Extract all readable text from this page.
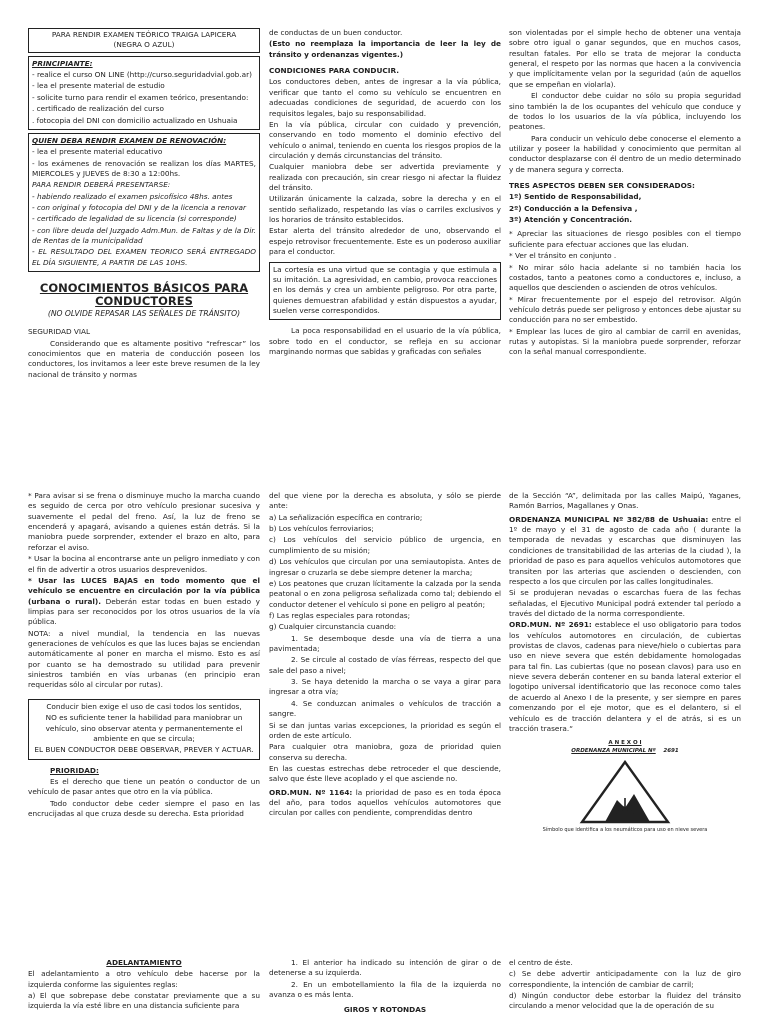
PARA RENDIR EXAMEN TEÓRICO TRAIGA LAPICERA
(NEGRA O AZUL)

PRINCIPIANTE:

- realice el curso ON LINE (http://curso.seguridadvial.gob.ar)

- lea el presente material de estudio

- solicite turno para rendir el examen teórico, presentando:

. certificado de realización del curso

. fotocopia del DNI con domicilio actualizado en Ushuaia

QUIEN DEBA RENDIR EXAMEN DE RENOVACIÓN:

- lea el presente material educativo

- los exámenes de renovación se realizan los días MARTES, MIERCOLES y JUEVES de 8:30 a 12:00hs.

PARA RENDIR DEBERÁ PRESENTARSE:

- habiendo realizado el examen psicofísico 48hs. antes

- con original y fotocopia del DNI y de la licencia a renovar

- certificado de legalidad de su licencia (si corresponde)

- con libre deuda del Juzgado Adm.Mun. de Faltas y de la Dir. de Rentas de la municipalidad

- EL RESULTADO DEL EXAMEN TEORICO SERÁ ENTREGADO EL DÍA SIGUIENTE, A PARTIR DE LAS 10HS.

CONOCIMIENTOS BÁSICOS PARA CONDUCTORES
(NO OLVIDE REPASAR LAS SEÑALES DE TRÁNSITO)

SEGURIDAD VIAL

Considerando que es altamente positivo “refrescar” los conocimientos que en materia de conducción poseen los conductores, los invitamos a leer este breve resumen de la ley nacional de tránsito y normas

de conductas de un buen conductor.

(Esto no reemplaza la importancia de leer la ley de tránsito y ordenanzas vigentes.)

CONDICIONES PARA CONDUCIR.

Los conductores deben, antes de ingresar a la vía pública, verificar que tanto el como su vehículo se encuentren en adecuadas condiciones de seguridad, de acuerdo con los requisitos legales, bajo su responsabilidad.

En la vía pública, circular con cuidado y prevención, conservando en todo momento el dominio efectivo del vehículo o animal, teniendo en cuenta los riesgos propios de la circulación y demás circunstancias del tránsito.

Cualquier maniobra debe ser advertida previamente y realizada con precaución, sin crear riesgo ni afectar la fluidez del tránsito.

Utilizarán únicamente la calzada, sobre la derecha y en el sentido señalizado, respetando las vías o carriles exclusivos y los horarios de tránsito establecidos.

Estar alerta del tránsito alrededor de uno, observando el espejo retrovisor frecuentemente. Este es un poderoso auxiliar para el conductor.

La cortesía es una virtud que se contagia y que estimula a su imitación. La agresividad, en cambio, provoca reacciones en los demás y crea un ambiente peligroso. Por otra parte, quienes demuestran afabilidad y están dispuestos a ayudar, suelen verse correspondidos.

La poca responsabilidad en el usuario de la vía pública, sobre todo en el conductor, se refleja en su accionar marginando normas que sabidas y graficadas con señales

son violentadas por el simple hecho de obtener una ventaja sobre otro igual o ganar segundos, que en muchos casos, resultan fatales. Por ello se trata de mejorar la conducta general, el respeto por las normas que hacen a la convivencia y que implícitamente velan por la seguridad (aún de aquellos que se empeñan en violarla).

El conductor debe cuidar no sólo su propia seguridad sino también la de los ocupantes del vehículo que conduce y de todos lo los usuarios de la vía pública, incluyendo los peatones.

Para conducir un vehículo debe conocerse el elemento a utilizar y poseer la habilidad y conocimiento que permitan al conductor desplazarse con él dentro de un medio determinado y de manera segura y correcta.

TRES ASPECTOS DEBEN SER CONSIDERADOS:

1º) Sentido de Responsabilidad,

2º) Conducción a la Defensiva ,

3º) Atención y Concentración.

* Apreciar las situaciones de riesgo posibles con el tiempo suficiente para efectuar acciones que las eludan.

* Ver el tránsito en conjunto .

* No mirar sólo hacia adelante si no también hacia los costados, tanto a peatones como a conductores e, incluso, a aquellos que descienden o ascienden de otros vehículos.

* Mirar frecuentemente por el espejo del retrovisor. Algún vehículo detrás puede ser peligroso y entonces debe ajustar su conducción para no ser embestido.

* Emplear las luces de giro al cambiar de carril en avenidas, rutas y autopistas. Si la maniobra puede sorprender, reforzar con la señal manual correspondiente.

* Para avisar si se frena o disminuye mucho la marcha cuando es seguido de cerca por otro vehículo presionar sucesiva y suavemente el pedal del freno. Así, la luz de freno se encenderá y apagará, avisando a quienes están detrás. Si la maniobra puede sorprender, extender el brazo en alto, para reforzar el aviso.

* Usar la bocina al encontrarse ante un peligro inmediato y con el fin de advertir a otros usuarios desprevenidos.

* Usar las LUCES BAJAS en todo momento que el vehículo se encuentre en circulación por la vía pública (urbana o rural). Deberán estar todas en buen estado y limpias para ser reconocidos por los otros usuarios de la vía pública.

NOTA: a nivel mundial, la tendencia en las nuevas generaciones de vehículos es que las luces bajas se enciendan automáticamente al poner en marcha el mismo. Esto es así por cuanto se ha demostrado su utilidad para prevenir siniestros también en vías urbanas (en principio eran requeridas sólo al circular por rutas).

Conducir bien exige el uso de casi todos los sentidos,

NO es suficiente tener la habilidad para maniobrar un vehículo, sino observar atenta y permanentemente el ambiente en que se circula;

EL BUEN CONDUCTOR DEBE OBSERVAR, PREVER Y ACTUAR.

PRIORIDAD:

Es el derecho que tiene un peatón o conductor de un vehículo de pasar antes que otro en la vía pública.

Todo conductor debe ceder siempre el paso en las encrucijadas al que cruza desde su derecha. Esta prioridad

del que viene por la derecha es absoluta, y sólo se pierde ante:

a) La señalización específica en contrario;

b) Los vehículos ferroviarios;

c) Los vehículos del servicio público de urgencia, en cumplimiento de su misión;

d) Los vehículos que circulan por una semiautopista. Antes de ingresar o cruzarla se debe siempre detener la marcha;

e) Los peatones que cruzan lícitamente la calzada por la senda peatonal o en zona peligrosa señalizada como tal; debiendo el conductor detener el vehículo si pone en peligro al peatón;

f) Las reglas especiales para rotondas;

g) Cualquier circunstancia cuando:

1. Se desemboque desde una vía de tierra a una pavimentada;

2. Se circule al costado de vías férreas, respecto del que sale del paso a nivel;

3. Se haya detenido la marcha o se vaya a girar para ingresar a otra vía;

4. Se conduzcan animales o vehículos de tracción a sangre.

Si se dan juntas varias excepciones, la prioridad es según el orden de este artículo.

Para cualquier otra maniobra, goza de prioridad quien conserva su derecha.

En las cuestas estrechas debe retroceder el que desciende, salvo que éste lleve acoplado y el que asciende no.

ORD.MUN. Nº 1164: la prioridad de paso es en toda época del año, para todos aquellos vehículos automotores que circulan por calles con pendiente, comprendidas dentro

de la Sección “A”, delimitada por las calles Maipú, Yaganes, Ramón Barrios, Magallanes y Onas.

ORDENANZA MUNICIPAL Nº 382/88 de Ushuaia: entre el 1º de mayo y el 31 de agosto de cada año ( durante la temporada de nevadas y escarchas que disminuyen las condiciones de transitabilidad de las arterias de la ciudad ), la prioridad de paso es para aquellos vehículos automotores que transiten por las arterias que ascienden o descienden, con respecto a los que circulen por las calles longitudinales.

Si se produjeran nevadas o escarchas fuera de las fechas señaladas, el Ejecutivo Municipal podrá extender tal período a través del dictado de la norma correspondiente.

ORD.MUN. Nº 2691: establece el uso obligatorio para todos los vehículos automotores en circulación, de cubiertas provistas de clavos, cadenas para nieve/hielo o cubiertas para uso en nieve severa que estén debidamente homologadas para tal fin. Las cubiertas (que no posean clavos) para uso en nieve severa deberán contener en su banda lateral exterior el logotipo universal identificatorio que las reconoce como tales de acuerdo al Anexo I de la presente, y ser siempre en pares comenzando por el eje motor, que es el delantero, si el vehículo es de tracción delantera y el de atrás, si es un tracción trasera.“

A N E X O I
ORDENANZA MUNICIPAL Nº 2691
Símbolo que identifica a los neumáticos para uso en nieve severa

ADELANTAMIENTO

El adelantamiento a otro vehículo debe hacerse por la izquierda conforme las siguientes reglas:

a) El que sobrepase debe constatar previamente que a su izquierda la vía esté libre en una distancia suficiente para

1. El anterior ha indicado su intención de girar o de detenerse a su izquierda.

2. En un embotellamiento la fila de la izquierda no avanza o es más lenta.

GIROS Y ROTONDAS

el centro de éste.

c) Se debe advertir anticipadamente con la luz de giro correspondiente, la intención de cambiar de carril;

d) Ningún conductor debe estorbar la fluidez del tránsito circulando a menor velocidad que la de operación de su
